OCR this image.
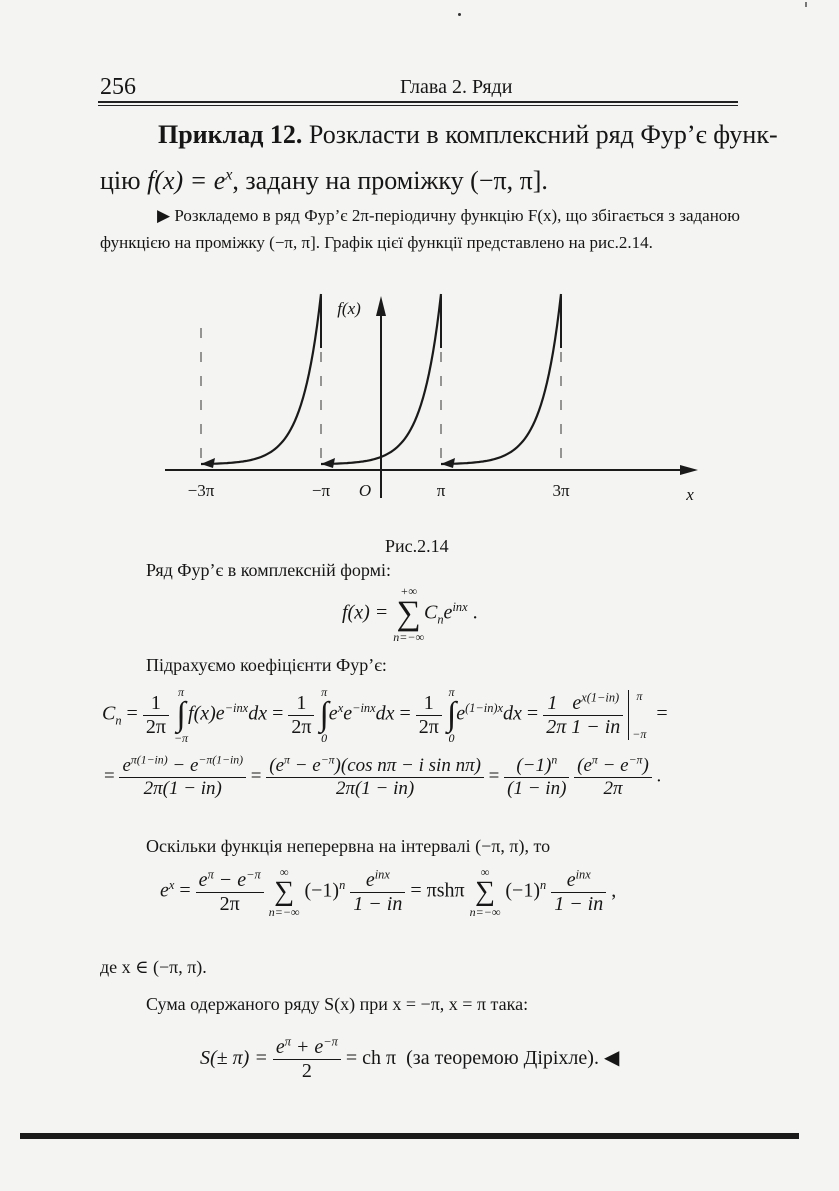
256	Глава 2. Ряди
Приклад 12. Розкласти в комплексний ряд Фур’є функ-
цію $f(x) = e^x$, задану на проміжку (−π, π].
▶ Розкладемо в ряд Фур’є 2π-періодичну функцію F(x), що збігається з заданою функцією на проміжку (−π, π]. Графік цієї функції представлено на рис.2.14.
f(x)
x
O
−3π	−π	π	3π
Рис.2.14
Ряд Фур’є в комплексній формі:
f(x) =
+∞
∑
n=−∞
$C_ne^{inx}$ .
Підрахуємо коефіцієнти Фур’є:
$C_n = \frac{1}{2\pi}$
π
∫
−π
$f(x)e^{-inx}dx = \frac{1}{2\pi}$
π
∫
0
$e^xe^{-inx}dx = \frac{1}{2\pi}$
π
∫
0
$e^{(1-in)x}dx = \frac{1 e^{x(1-in)}}{2\pi 1 - in}$
	π
−π
=
= $\frac{e^{\pi(1-in)} - e^{-\pi(1-in)}}{2\pi(1 - in)} = \frac{(e^\pi - e^{-\pi})(\cos n\pi - i \sin n\pi)}{2\pi(1 - in)} = \frac{(-1)^n}{(1 - in)}$
$\frac{(e^\pi - e^{-\pi})}{2\pi}$ .
Оскільки функція неперервна на інтервалі (−π, π), то
$e^x = \frac{e^\pi - e^{-\pi}}{2\pi}$
	∞
∑
n=−∞
$(-1)^n \frac{e^{inx}}{1 - in} = \pi sh\pi$
∞
∑
n=−∞
$(-1)^n \frac{e^{inx}}{1 - in}$ ,
де x ∈ (−π, π).
Сума одержаного ряду S(x) при x = −π, x = π така:
$S(\pm \pi) = \frac{e^\pi + e^{-\pi}}{2}$ = ch π (за теоремою Діріхле). ◀
